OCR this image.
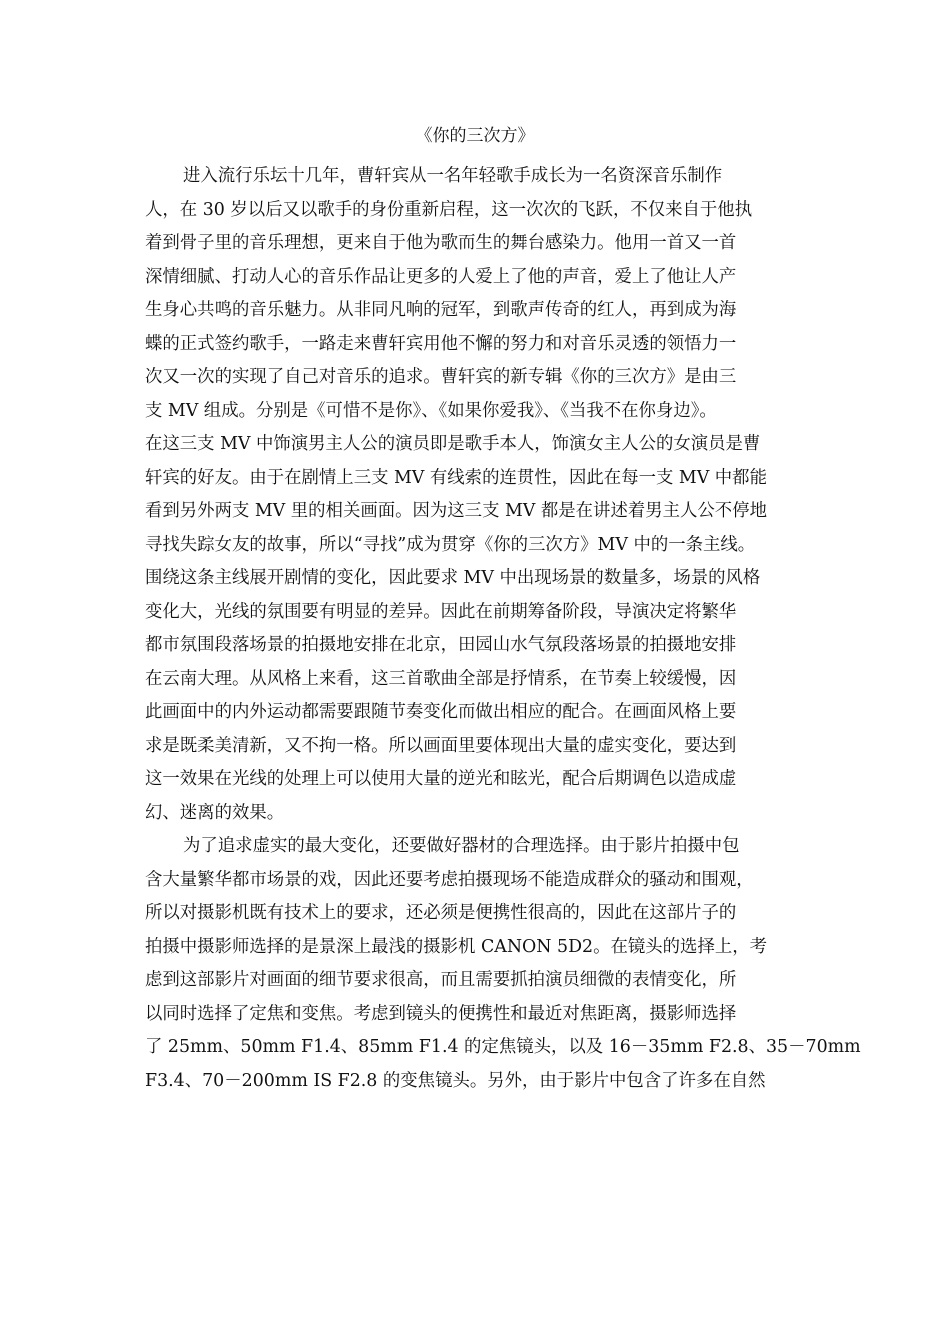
《你的三次方》
进入流行乐坛十几年，曹轩宾从一名年轻歌手成长为一名资深音乐制作
人，在 30 岁以后又以歌手的身份重新启程，这一次次的飞跃，不仅来自于他执
着到骨子里的音乐理想，更来自于他为歌而生的舞台感染力。他用一首又一首
深情细腻、打动人心的音乐作品让更多的人爱上了他的声音，爱上了他让人产
生身心共鸣的音乐魅力。从非同凡响的冠军，到歌声传奇的红人，再到成为海
蝶的正式签约歌手，一路走来曹轩宾用他不懈的努力和对音乐灵透的领悟力一
次又一次的实现了自己对音乐的追求。曹轩宾的新专辑《你的三次方》是由三
支 MV 组成。分别是《可惜不是你》、《如果你爱我》、《当我不在你身边》。
在这三支 MV 中饰演男主人公的演员即是歌手本人，饰演女主人公的女演员是曹
轩宾的好友。由于在剧情上三支 MV 有线索的连贯性，因此在每一支 MV 中都能
看到另外两支 MV 里的相关画面。因为这三支 MV 都是在讲述着男主人公不停地
寻找失踪女友的故事，所以“寻找”成为贯穿《你的三次方》MV 中的一条主线。
围绕这条主线展开剧情的变化，因此要求 MV 中出现场景的数量多，场景的风格
变化大，光线的氛围要有明显的差异。因此在前期筹备阶段，导演决定将繁华
都市氛围段落场景的拍摄地安排在北京，田园山水气氛段落场景的拍摄地安排
在云南大理。从风格上来看，这三首歌曲全部是抒情系，在节奏上较缓慢，因
此画面中的内外运动都需要跟随节奏变化而做出相应的配合。在画面风格上要
求是既柔美清新，又不拘一格。所以画面里要体现出大量的虚实变化，要达到
这一效果在光线的处理上可以使用大量的逆光和眩光，配合后期调色以造成虚
幻、迷离的效果。
为了追求虚实的最大变化，还要做好器材的合理选择。由于影片拍摄中包
含大量繁华都市场景的戏，因此还要考虑拍摄现场不能造成群众的骚动和围观，
所以对摄影机既有技术上的要求，还必须是便携性很高的，因此在这部片子的
拍摄中摄影师选择的是景深上最浅的摄影机 CANON 5D2。在镜头的选择上，考
虑到这部影片对画面的细节要求很高，而且需要抓拍演员细微的表情变化，所
以同时选择了定焦和变焦。考虑到镜头的便携性和最近对焦距离，摄影师选择
了 25mm、50mm F1.4、85mm F1.4 的定焦镜头，以及 16－35mm F2.8、35－70mm
F3.4、70－200mm IS F2.8 的变焦镜头。另外，由于影片中包含了许多在自然
